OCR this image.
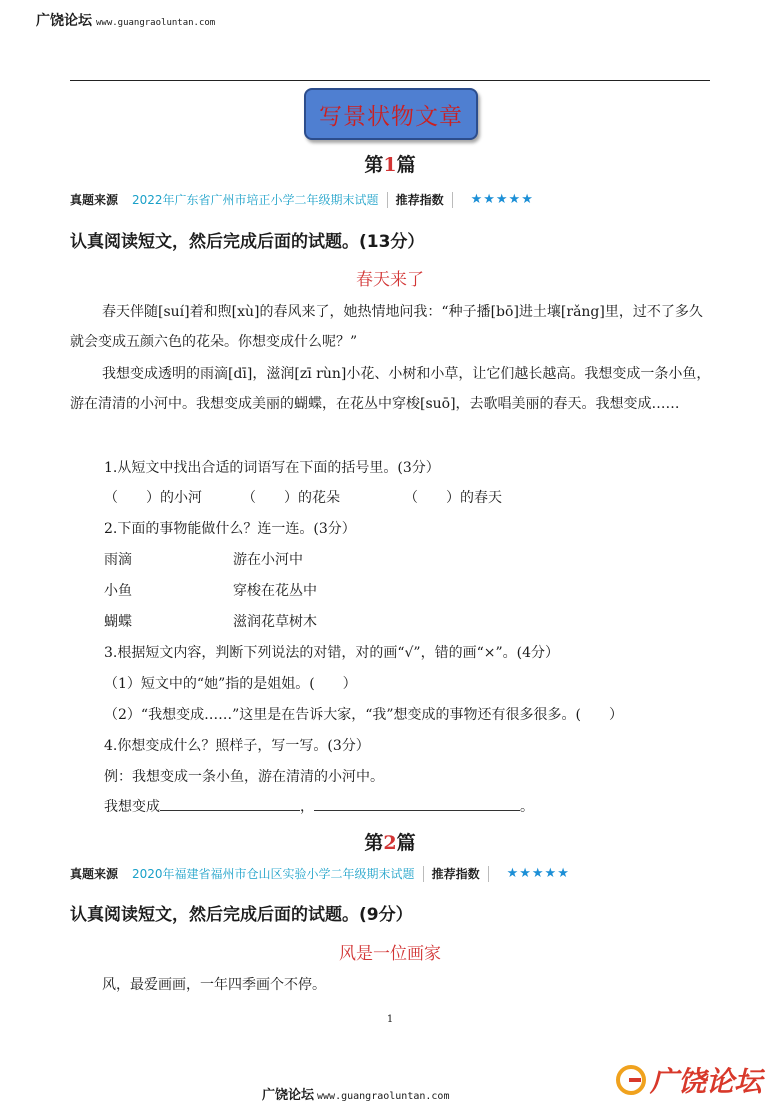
广饶论坛 www.guangraoluntan.com
写景状物文章
第1篇
真题来源 2022年广东省广州市培正小学二年级期末试题 推荐指数 ★★★★★
认真阅读短文，然后完成后面的试题。(13分）
春天来了
春天伴随[suí]着和煦[xù]的春风来了，她热情地问我：“种子播[bō]进土壤[rǎng]里，过不了多久就会变成五颜六色的花朵。你想变成什么呢？”
我想变成透明的雨滴[dī]，滋润[zī rùn]小花、小树和小草，让它们越长越高。我想变成一条小鱼，游在清清的小河中。我想变成美丽的蝴蝶，在花丛中穿梭[suō]，去歌唱美丽的春天。我想变成……
1.从短文中找出合适的词语写在下面的括号里。(3分）
（　　）的小河	（　　）的花朵	（　　）的春天
2.下面的事物能做什么？连一连。(3分）
雨滴	游在小河中
小鱼	穿梭在花丛中
蝴蝶	滋润花草树木
3.根据短文内容，判断下列说法的对错，对的画“√”，错的画“×”。(4分）
（1）短文中的“她”指的是姐姐。(　　）
（2）“我想变成……”这里是在告诉大家，“我”想变成的事物还有很多很多。(　　）
4.你想变成什么？照样子，写一写。(3分）
例：我想变成一条小鱼，游在清清的小河中。
我想变成	，	。
第2篇
真题来源 2020年福建省福州市仓山区实验小学二年级期末试题 推荐指数 ★★★★★
认真阅读短文，然后完成后面的试题。(9分）
风是一位画家
风，最爱画画，一年四季画个不停。
1
广饶论坛 www.guangraoluntan.com	广饶论坛
